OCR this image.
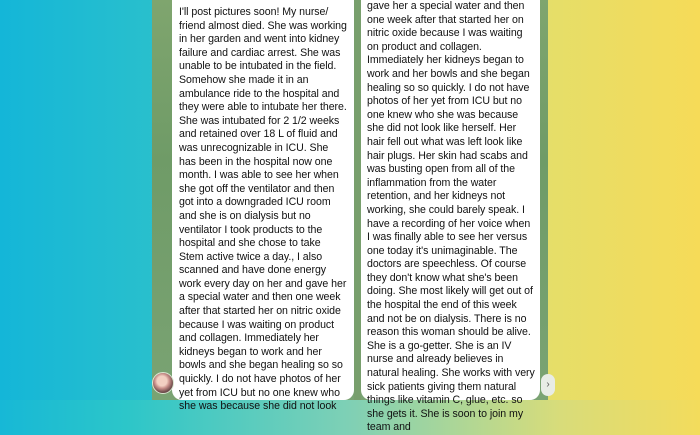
I'll post pictures soon! My nurse/ friend almost died. She was working in her garden and went into kidney failure and cardiac arrest. She was unable to be intubated in the field. Somehow she made it in an ambulance ride to the hospital and they were able to intubate her there. She was intubated for 2 1/2 weeks and retained over 18 L of fluid and was unrecognizable in ICU. She has been in the hospital now one month. I was able to see her when she got off the ventilator and then got into a downgraded ICU room and she is on dialysis but no ventilator I took products to the hospital and she chose to take Stem active twice a day., I also scanned and have done energy work every day on her and gave her a special water and then one week after that started her on nitric oxide because I was waiting on product and collagen. Immediately her kidneys began to work and her bowls and she began healing so so quickly. I do not have photos of her yet from ICU but no one knew who she was because she did not look

gave her a special water and then one week after that started her on nitric oxide because I was waiting on product and collagen. Immediately her kidneys began to work and her bowls and she began healing so so quickly. I do not have photos of her yet from ICU but no one knew who she was because she did not look like herself. Her hair fell out what was left look like hair plugs. Her skin had scabs and was busting open from all of the inflammation from the water retention, and her kidneys not working, she could barely speak. I have a recording of her voice when I was finally able to see her versus one today it's unimaginable. The doctors are speechless. Of course they don't know what she's been doing. She most likely will get out of the hospital the end of this week and not be on dialysis. There is no reason this woman should be alive. She is a go-getter. She is an IV nurse and already believes in natural healing. She works with very sick patients giving them natural things like vitamin C, glue, etc. so she gets it. She is soon to join my team and

›
